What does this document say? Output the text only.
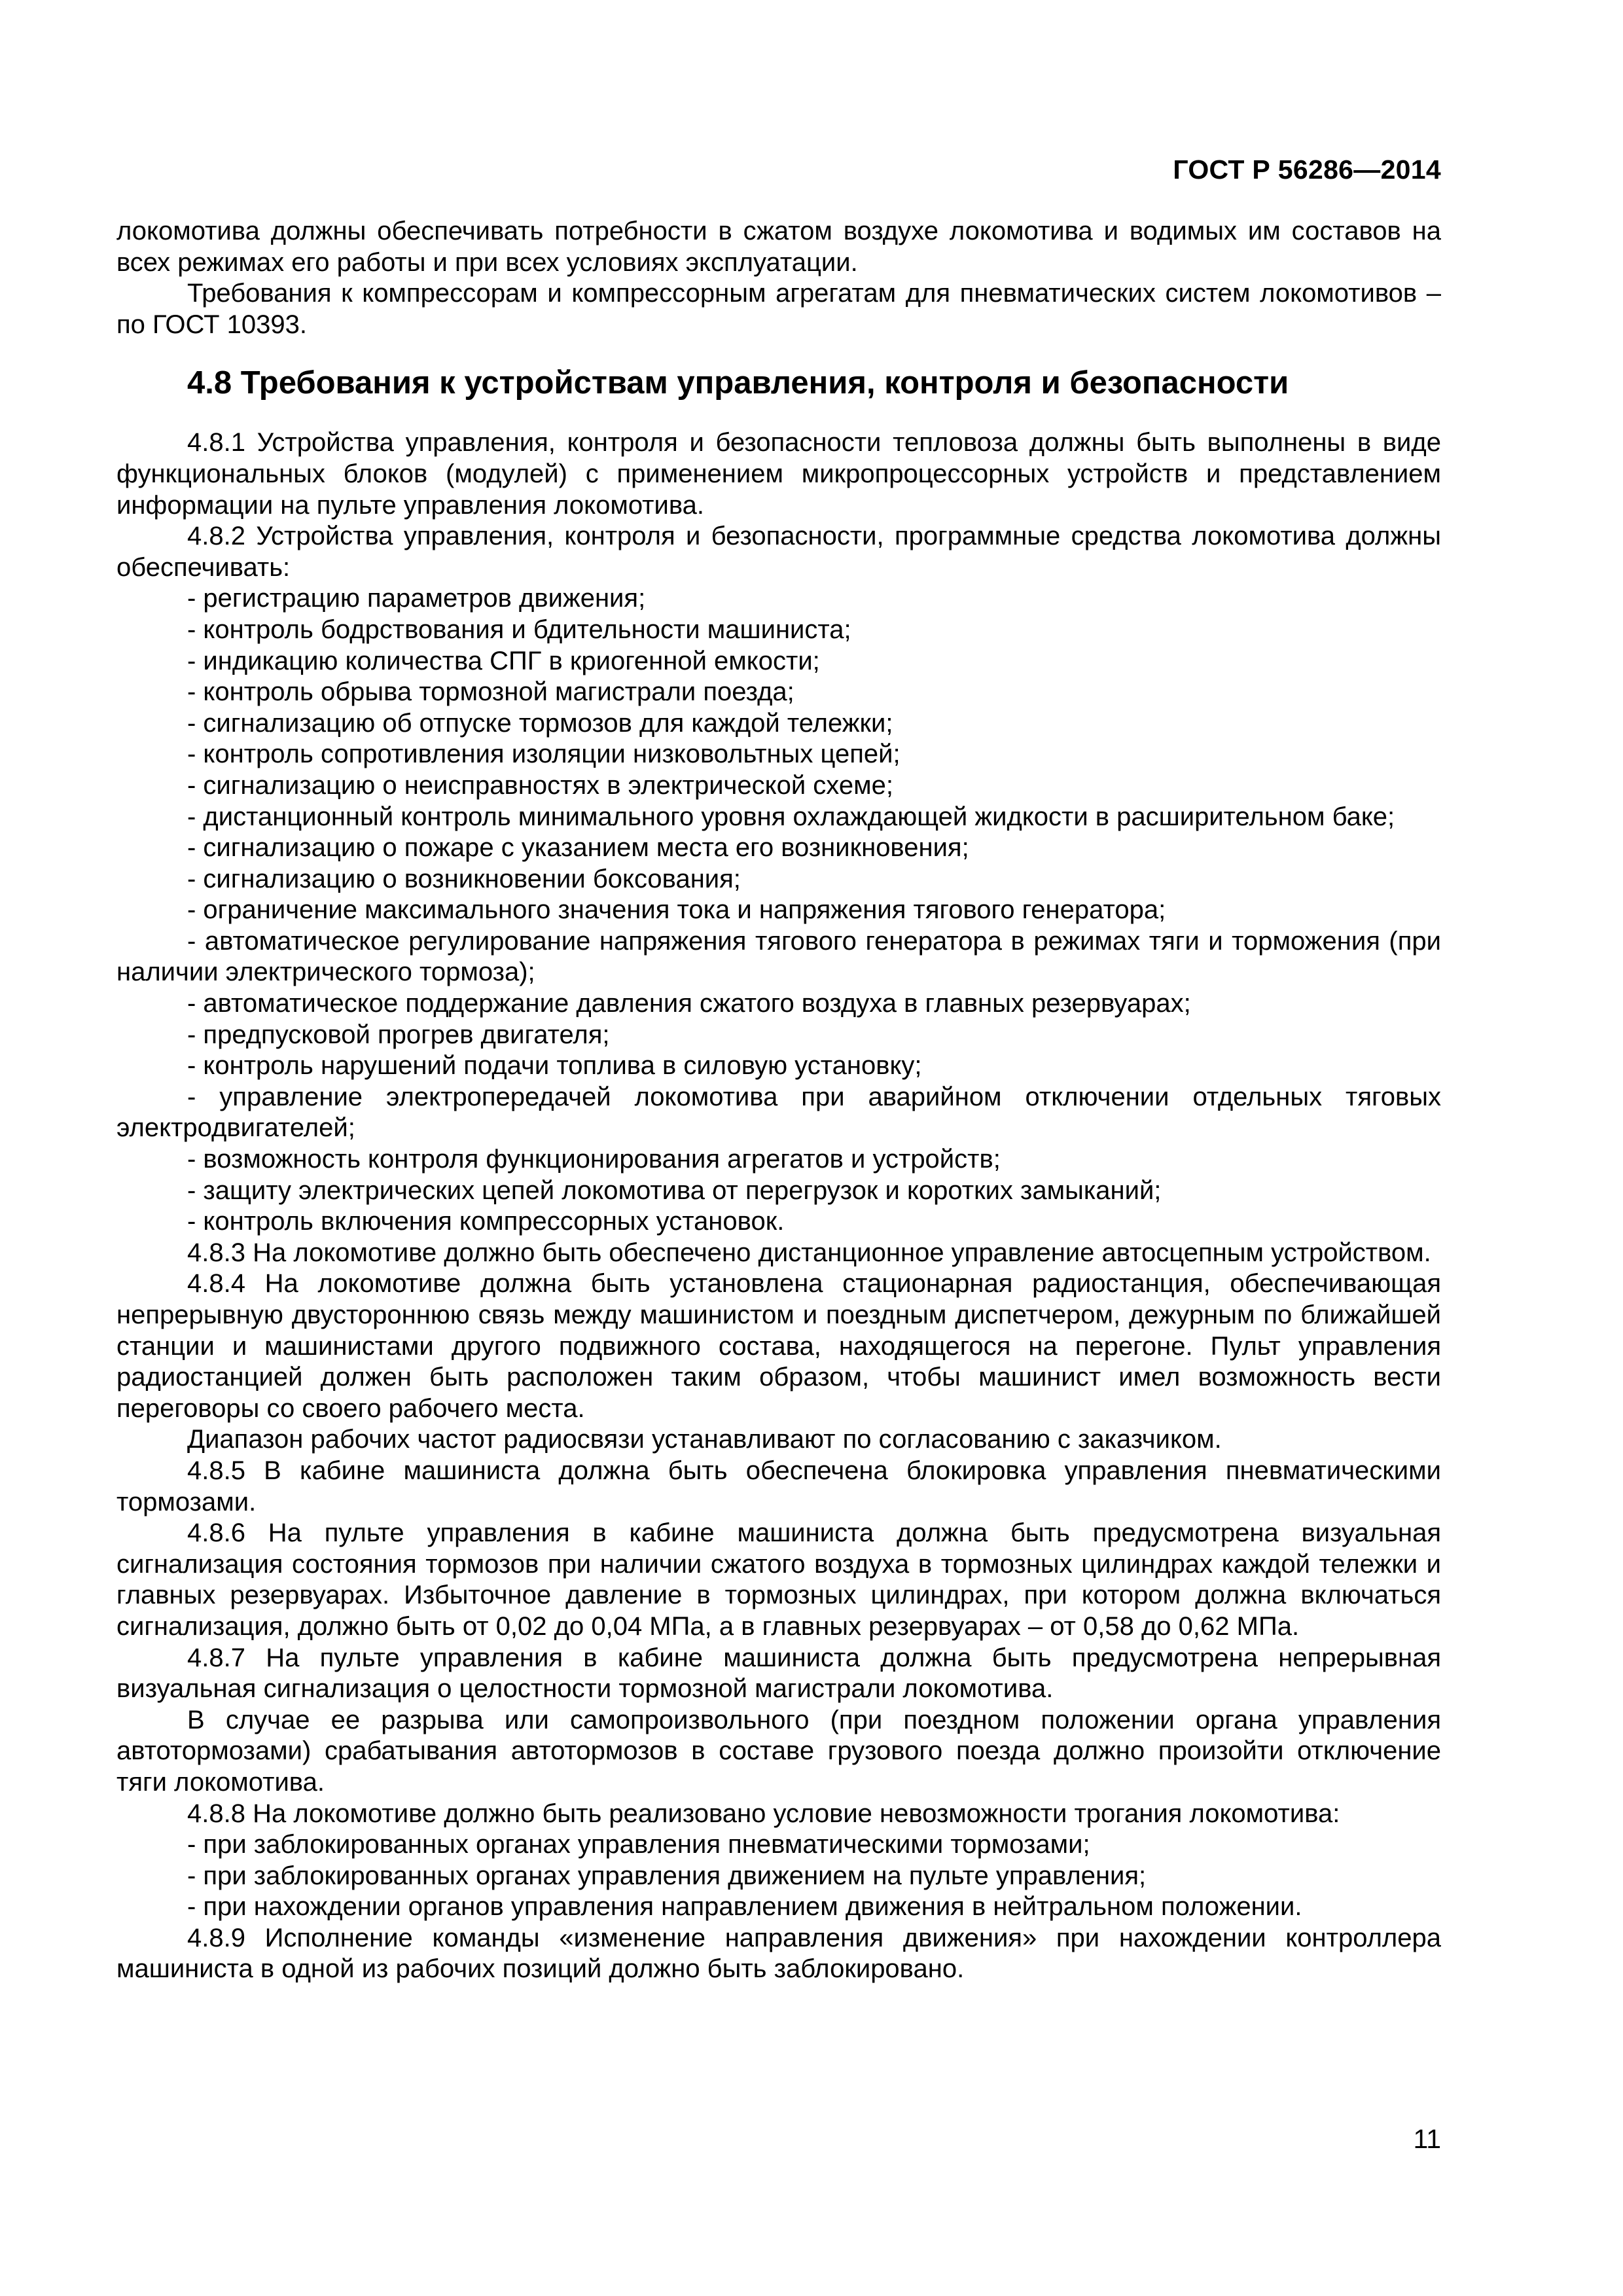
ГОСТ Р 56286—2014

локомотива должны обеспечивать потребности в сжатом воздухе локомотива и водимых им составов на всех режимах его работы и при всех условиях эксплуатации.

Требования к компрессорам и компрессорным агрегатам для пневматических систем локомотивов – по ГОСТ 10393.

4.8 Требования к устройствам управления, контроля и безопасности

4.8.1 Устройства управления, контроля и безопасности тепловоза должны быть выполнены в виде функциональных блоков (модулей) с применением микропроцессорных устройств и представлением информации на пульте управления локомотива.

4.8.2 Устройства управления, контроля и безопасности, программные средства локомотива должны обеспечивать:

- регистрацию параметров движения;

- контроль бодрствования и бдительности машиниста;

- индикацию количества СПГ в криогенной емкости;

- контроль обрыва тормозной магистрали поезда;

- сигнализацию об отпуске тормозов для каждой тележки;

- контроль сопротивления изоляции низковольтных цепей;

- сигнализацию о неисправностях в электрической схеме;

- дистанционный контроль минимального уровня охлаждающей жидкости в расширительном баке;

- сигнализацию о пожаре с указанием места его возникновения;

- сигнализацию о возникновении боксования;

- ограничение максимального значения тока и напряжения тягового генератора;

- автоматическое регулирование напряжения тягового генератора в режимах тяги и торможения (при наличии электрического тормоза);

- автоматическое поддержание давления сжатого воздуха в главных резервуарах;

- предпусковой прогрев двигателя;

- контроль нарушений подачи топлива в силовую установку;

- управление электропередачей локомотива при аварийном отключении отдельных тяговых электродвигателей;

- возможность контроля функционирования агрегатов и устройств;

- защиту электрических цепей локомотива от перегрузок и коротких замыканий;

- контроль включения компрессорных установок.

4.8.3 На локомотиве должно быть обеспечено дистанционное управление автосцепным устройством.

4.8.4 На локомотиве должна быть установлена стационарная радиостанция, обеспечивающая непрерывную двустороннюю связь между машинистом и поездным диспетчером, дежурным по ближайшей станции и машинистами другого подвижного состава, находящегося на перегоне. Пульт управления радиостанцией должен быть расположен таким образом, чтобы машинист имел возможность вести переговоры со своего рабочего места.

Диапазон рабочих частот радиосвязи устанавливают по согласованию с заказчиком.

4.8.5 В кабине машиниста должна быть обеспечена блокировка управления пневматическими тормозами.

4.8.6 На пульте управления в кабине машиниста должна быть предусмотрена визуальная сигнализация состояния тормозов при наличии сжатого воздуха в тормозных цилиндрах каждой тележки и главных резервуарах. Избыточное давление в тормозных цилиндрах, при котором должна включаться сигнализация, должно быть от 0,02 до 0,04 МПа, а в главных резервуарах – от 0,58 до 0,62 МПа.

4.8.7 На пульте управления в кабине машиниста должна быть предусмотрена непрерывная визуальная сигнализация о целостности тормозной магистрали локомотива.

В случае ее разрыва или самопроизвольного (при поездном положении органа управления автотормозами) срабатывания автотормозов в составе грузового поезда должно произойти отключение тяги локомотива.

4.8.8 На локомотиве должно быть реализовано условие невозможности трогания локомотива:

- при заблокированных органах управления пневматическими тормозами;

- при заблокированных органах управления движением на пульте управления;

- при нахождении органов управления направлением движения в нейтральном положении.

4.8.9 Исполнение команды «изменение направления движения» при нахождении контроллера машиниста в одной из рабочих позиций должно быть заблокировано.

11
